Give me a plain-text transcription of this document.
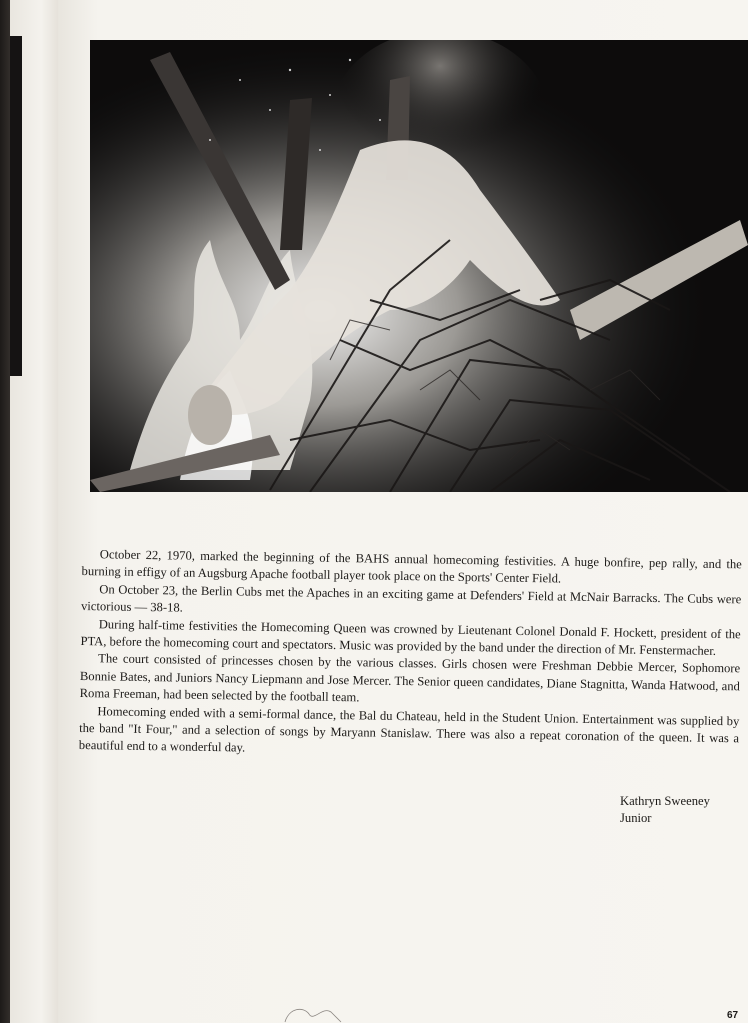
October 22, 1970, marked the beginning of the BAHS annual homecoming festivities. A huge bonfire, pep rally, and the burning in effigy of an Augsburg Apache football player took place on the Sports' Center Field.

On October 23, the Berlin Cubs met the Apaches in an exciting game at Defenders' Field at McNair Barracks. The Cubs were victorious — 38-18.

During half-time festivities the Homecoming Queen was crowned by Lieutenant Colonel Donald F. Hockett, president of the PTA, before the homecoming court and spectators. Music was provided by the band under the direction of Mr. Fenstermacher.

The court consisted of princesses chosen by the various classes. Girls chosen were Freshman Debbie Mercer, Sophomore Bonnie Bates, and Juniors Nancy Liepmann and Jose Mercer. The Senior queen candidates, Diane Stagnitta, Wanda Hatwood, and Roma Freeman, had been selected by the football team.

Homecoming ended with a semi-formal dance, the Bal du Chateau, held in the Student Union. Entertainment was supplied by the band "It Four," and a selection of songs by Maryann Stanislaw. There was also a repeat coronation of the queen. It was a beautiful end to a wonderful day.

Kathryn Sweeney
Junior
67
